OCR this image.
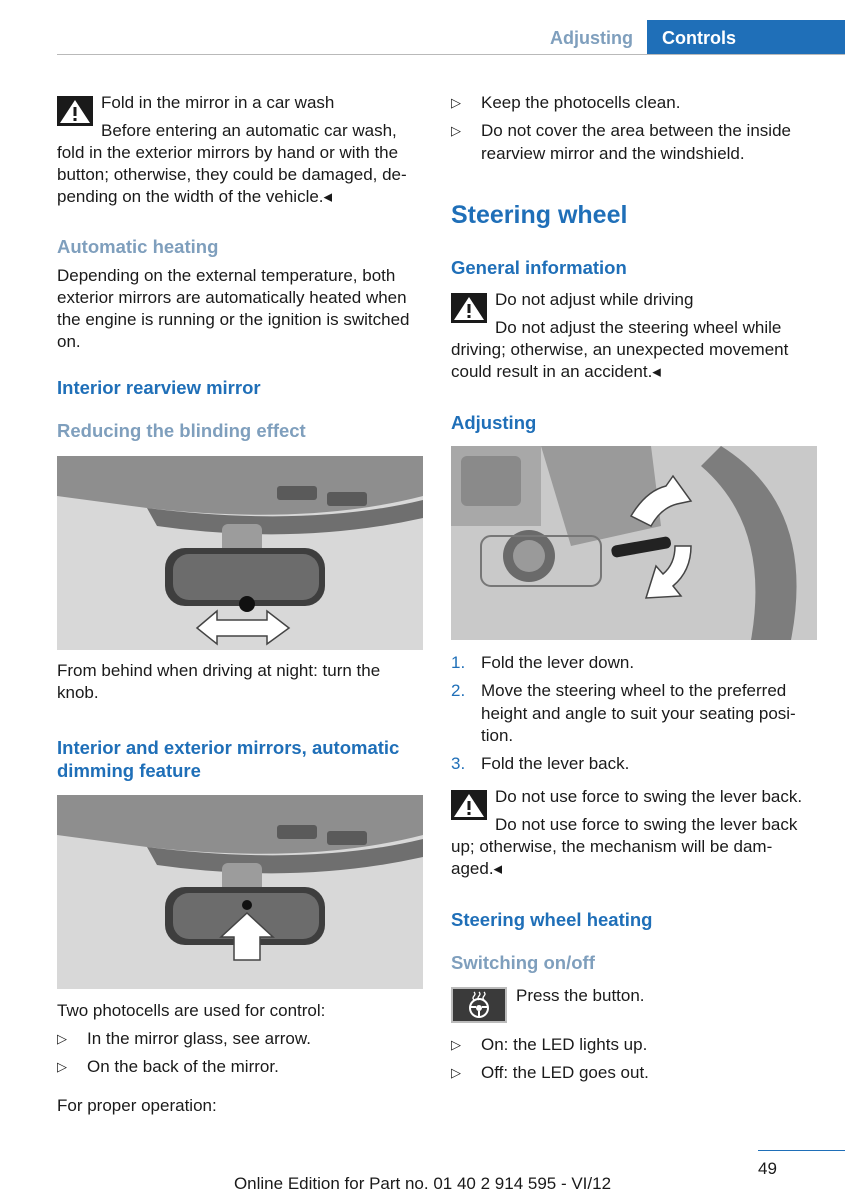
Adjusting	Controls

Fold in the mirror in a car wash

Before entering an automatic car wash,

fold in the exterior mirrors by hand or with the

button; otherwise, they could be damaged, de-

pending on the width of the vehicle.◂

Automatic heating

Depending on the external temperature, both

exterior mirrors are automatically heated when

the engine is running or the ignition is switched

on.

Interior rearview mirror
Reducing the blinding effect

From behind when driving at night: turn the

knob.

Interior and exterior mirrors, automatic
dimming feature

Two photocells are used for control:

▷ In the mirror glass, see arrow.
▷ On the back of the mirror.

For proper operation:

▷ Keep the photocells clean.
▷ Do not cover the area between the inside
rearview mirror and the windshield.
Steering wheel
General information

Do not adjust while driving

Do not adjust the steering wheel while

driving; otherwise, an unexpected movement

could result in an accident.◂

Adjusting
1. Fold the lever down.
2. Move the steering wheel to the preferred
height and angle to suit your seating posi-
tion.
3. Fold the lever back.

Do not use force to swing the lever back.

Do not use force to swing the lever back

up; otherwise, the mechanism will be dam-

aged.◂

Steering wheel heating
Switching on/off

Press the button.

▷ On: the LED lights up.
▷ Off: the LED goes out.
49
Online Edition for Part no. 01 40 2 914 595 - VI/12
